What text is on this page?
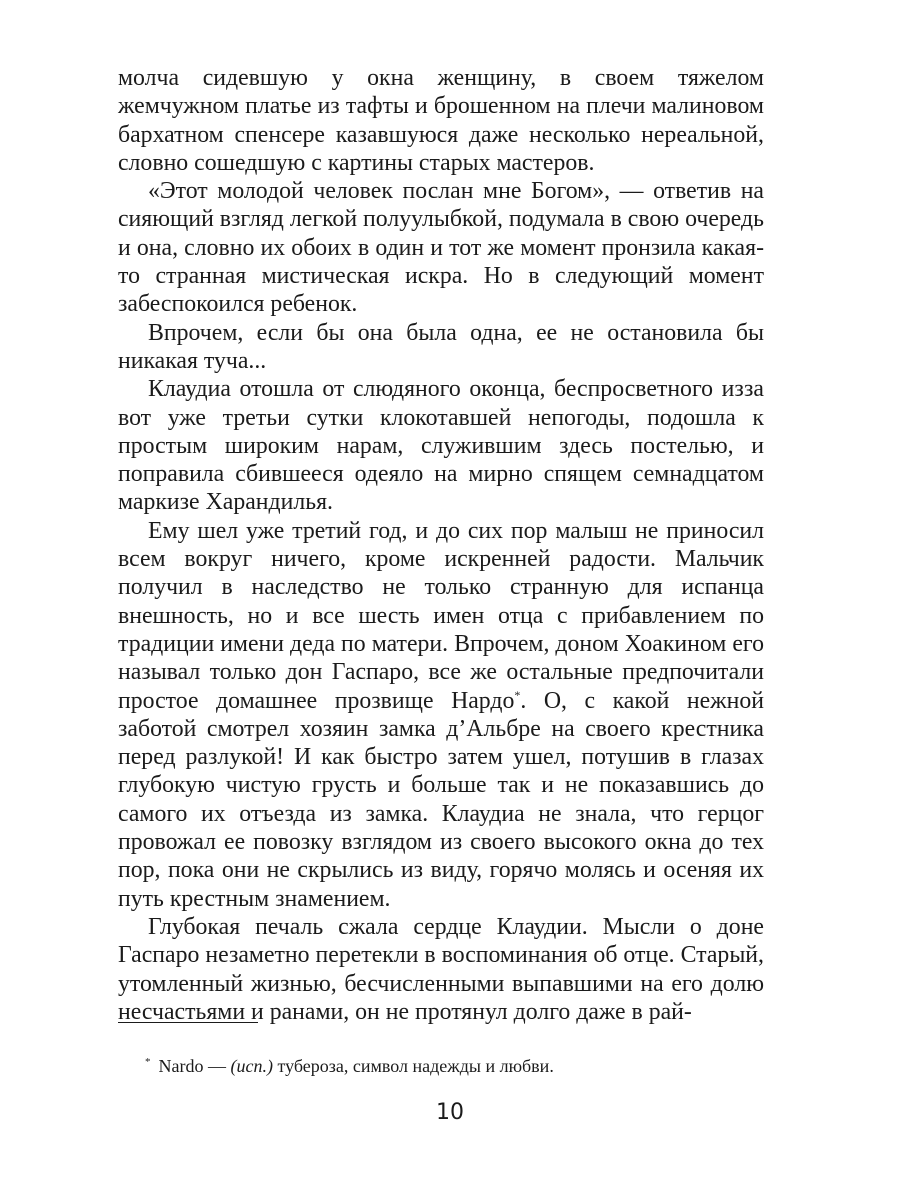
молча сидевшую у окна женщину, в своем тяжелом жемчужном платье из тафты и брошенном на плечи малиновом бархатном спенсере казавшуюся даже несколько нереальной, словно сошедшую с картины старых мастеров.

«Этот молодой человек послан мне Богом», — ответив на сияющий взгляд легкой полуулыбкой, подумала в свою очередь и она, словно их обоих в один и тот же момент пронзила какая-то странная мистическая искра. Но в следующий момент забеспокоился ребенок.

Впрочем, если бы она была одна, ее не остановила бы никакая туча...

Клаудиа отошла от слюдяного оконца, беспросветного изза вот уже третьи сутки клокотавшей непогоды, подошла к простым широким нарам, служившим здесь постелью, и поправила сбившееся одеяло на мирно спящем семнадцатом маркизе Харандилья.

Ему шел уже третий год, и до сих пор малыш не приносил всем вокруг ничего, кроме искренней радости. Мальчик получил в наследство не только странную для испанца внешность, но и все шесть имен отца с прибавлением по традиции имени деда по матери. Впрочем, доном Хоакином его называл только дон Гаспаро, все же остальные предпочитали простое домашнее прозвище Нардо*. О, с какой нежной заботой смотрел хозяин замка д’Альбре на своего крестника перед разлукой! И как быстро затем ушел, потушив в глазах глубокую чистую грусть и больше так и не показавшись до самого их отъезда из замка. Клаудиа не знала, что герцог провожал ее повозку взглядом из своего высокого окна до тех пор, пока они не скрылись из виду, горячо молясь и осеняя их путь крестным знамением.

Глубокая печаль сжала сердце Клаудии. Мысли о доне Гаспаро незаметно перетекли в воспоминания об отце. Старый, утомленный жизнью, бесчисленными выпавшими на его долю несчастьями и ранами, он не протянул долго даже в рай-

* Nardo — (исп.) тубероза, символ надежды и любви.
10
